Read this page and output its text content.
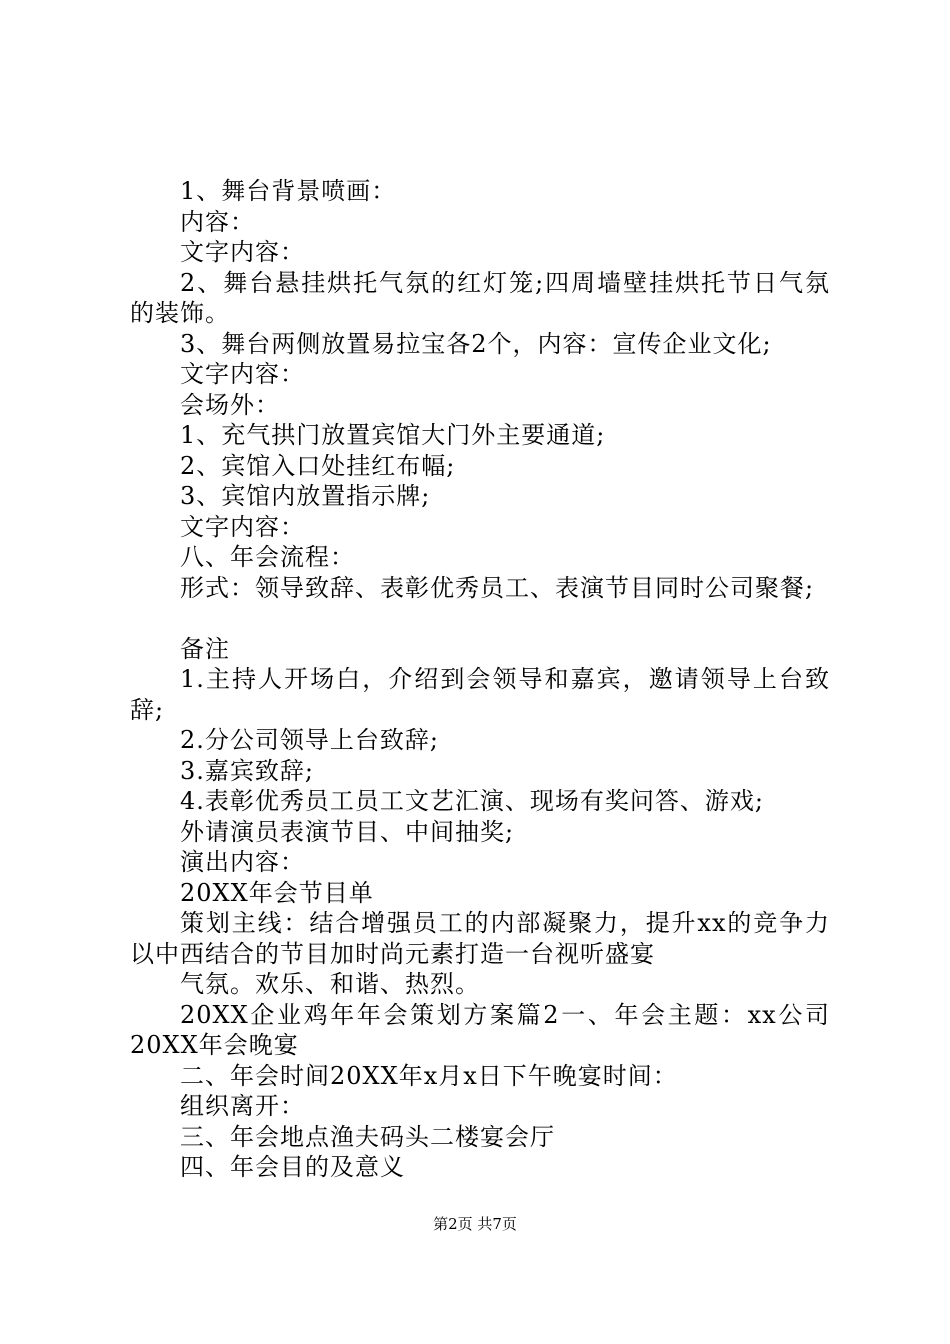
1、舞台背景喷画：
内容：
文字内容：
2、舞台悬挂烘托气氛的红灯笼;四周墙壁挂烘托节日气氛
的装饰。
3、舞台两侧放置易拉宝各2个，内容：宣传企业文化;
文字内容：
会场外：
1、充气拱门放置宾馆大门外主要通道;
2、宾馆入口处挂红布幅;
3、宾馆内放置指示牌;
文字内容：
八、年会流程：
形式：领导致辞、表彰优秀员工、表演节目同时公司聚餐;
备注
1.主持人开场白，介绍到会领导和嘉宾，邀请领导上台致
辞;
2.分公司领导上台致辞;
3.嘉宾致辞;
4.表彰优秀员工员工文艺汇演、现场有奖问答、游戏;
外请演员表演节目、中间抽奖;
演出内容：
20XX年会节目单
策划主线：结合增强员工的内部凝聚力，提升xx的竞争力
以中西结合的节目加时尚元素打造一台视听盛宴
气氛。欢乐、和谐、热烈。
20XX企业鸡年年会策划方案篇2一、年会主题：xx公司
20XX年会晚宴
二、年会时间20XX年x月x日下午晚宴时间：
组织离开：
三、年会地点渔夫码头二楼宴会厅
四、年会目的及意义
第2页 共7页
